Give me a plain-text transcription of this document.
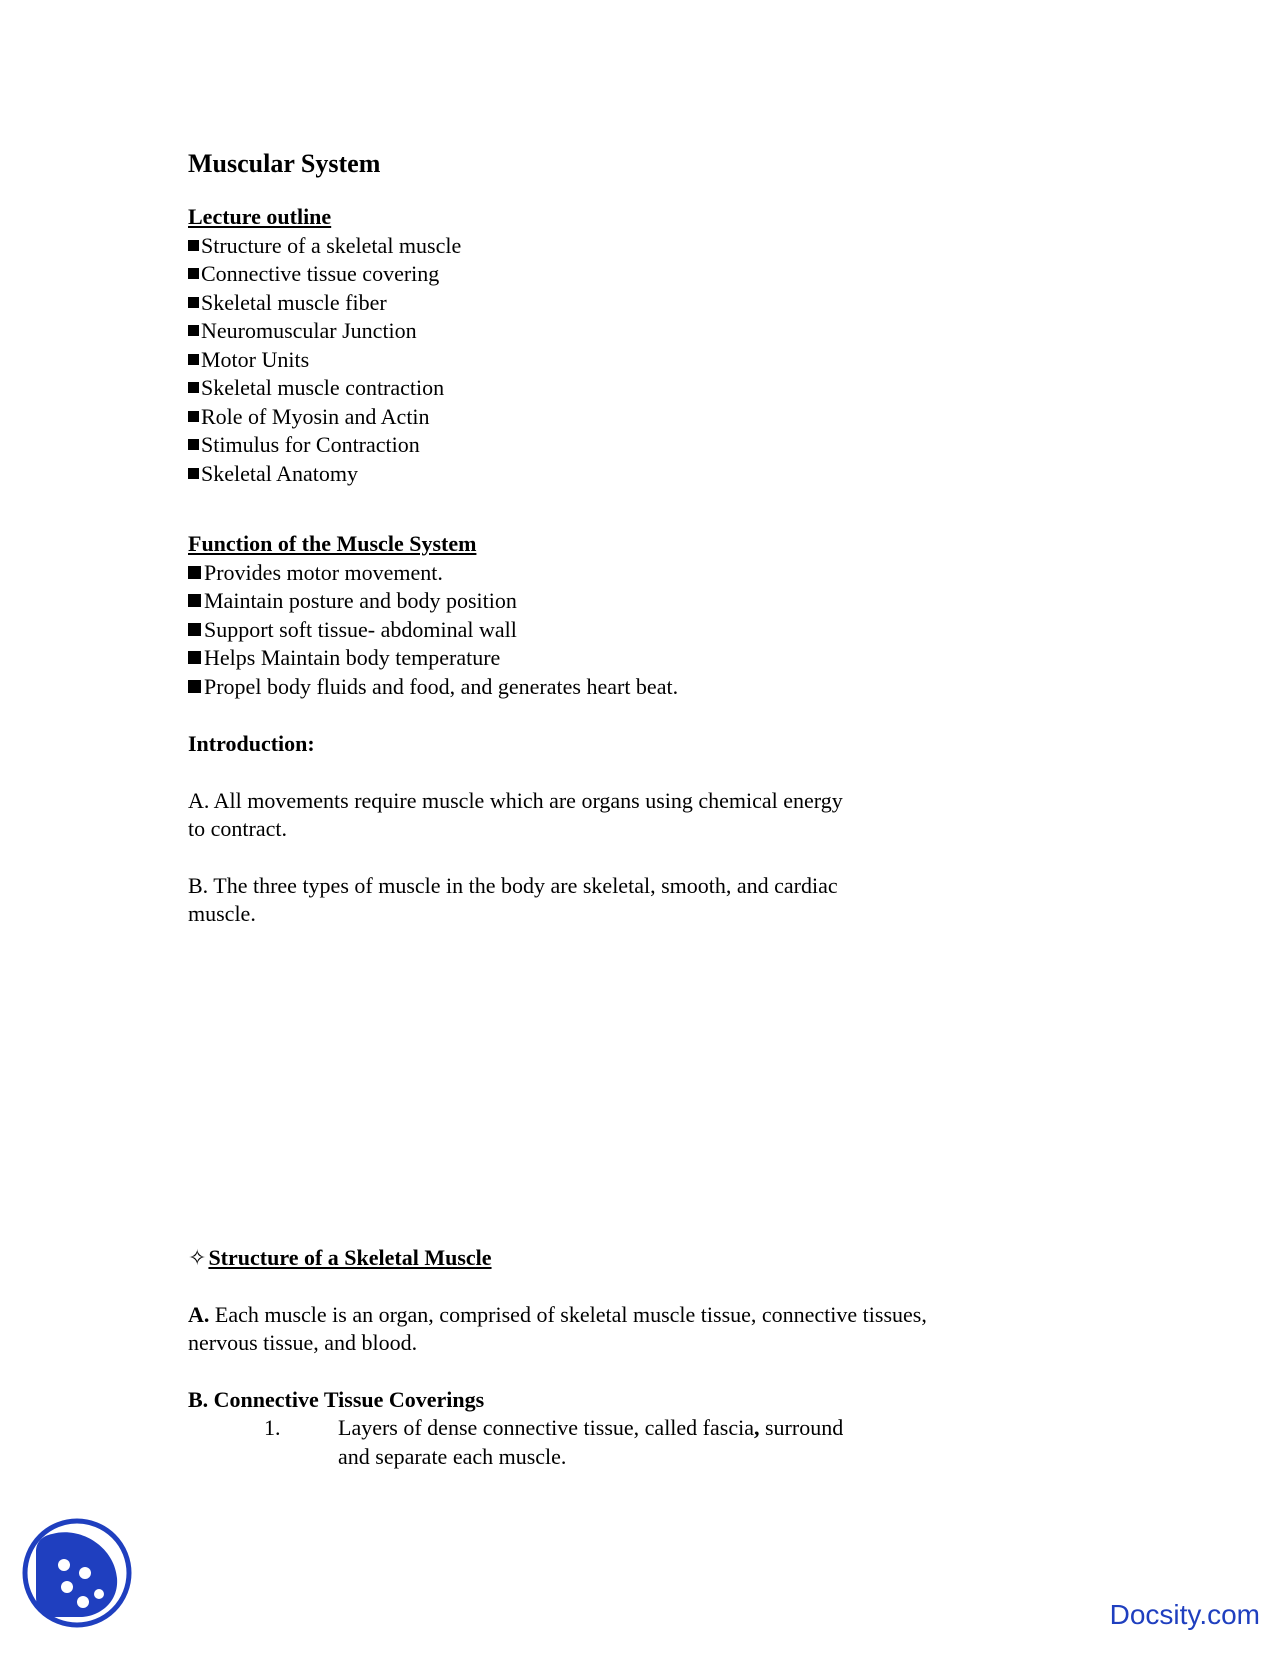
Muscular System
Lecture outline
Structure of a skeletal muscle
Connective tissue covering
Skeletal muscle fiber
Neuromuscular Junction
Motor Units
Skeletal muscle contraction
Role of Myosin and Actin
Stimulus for Contraction
Skeletal Anatomy
Function of the Muscle System
Provides motor movement.
Maintain posture and body position
Support soft tissue- abdominal wall
Helps Maintain body temperature
Propel body fluids and food, and generates heart beat.
Introduction:

A. All movements require muscle which are organs using chemical energy
to contract.

B. The three types of muscle in the body are skeletal, smooth, and cardiac
muscle.

✧Structure of a Skeletal Muscle

A. Each muscle is an organ, comprised of skeletal muscle tissue, connective tissues,
nervous tissue, and blood.

B. Connective Tissue Coverings

1.	Layers of dense connective tissue, called fascia, surround
and separate each muscle.
Docsity.com
